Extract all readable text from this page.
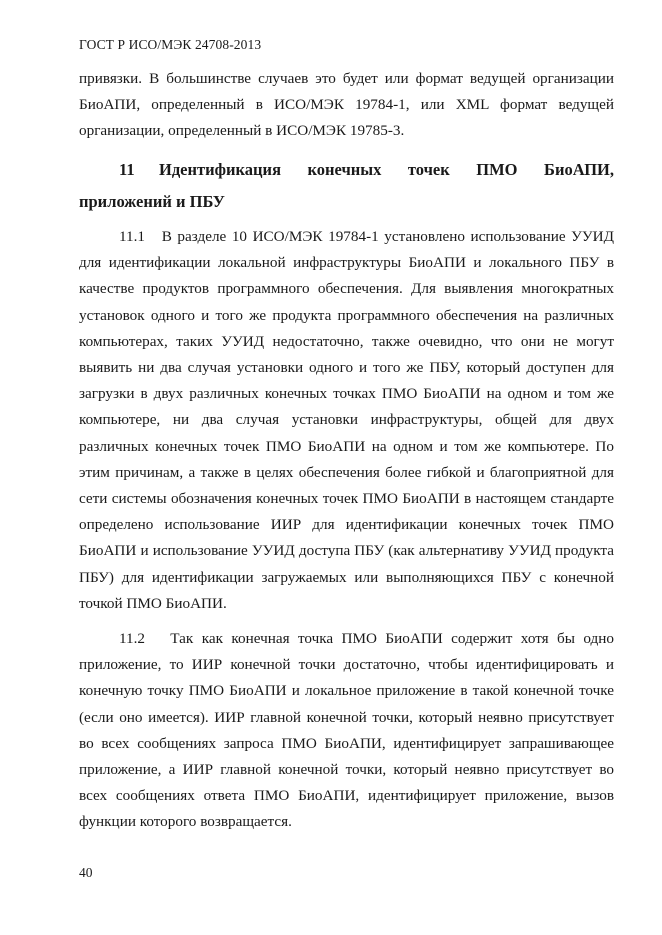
ГОСТ Р ИСО/МЭК 24708-2013

привязки. В большинстве случаев это будет или формат ведущей организации БиоАПИ, определенный в ИСО/МЭК 19784-1, или XML формат ведущей организации, определенный в ИСО/МЭК 19785-3.

11 Идентификация конечных точек ПМО БиоАПИ, приложений и ПБУ

11.1 В разделе 10 ИСО/МЭК 19784-1 установлено использование УУИД для идентификации локальной инфраструктуры БиоАПИ и локального ПБУ в качестве продуктов программного обеспечения. Для выявления многократных установок одного и того же продукта программного обеспечения на различных компьютерах, таких УУИД недостаточно, также очевидно, что они не могут выявить ни два случая установки одного и того же ПБУ, который доступен для загрузки в двух различных конечных точках ПМО БиоАПИ на одном и том же компьютере, ни два случая установки инфраструктуры, общей для двух различных конечных точек ПМО БиоАПИ на одном и том же компьютере. По этим причинам, а также в целях обеспечения более гибкой и благоприятной для сети системы обозначения конечных точек ПМО БиоАПИ в настоящем стандарте определено использование ИИР для идентификации конечных точек ПМО БиоАПИ и использование УУИД доступа ПБУ (как альтернативу УУИД продукта ПБУ) для идентификации загружаемых или выполняющихся ПБУ с конечной точкой ПМО БиоАПИ.

11.2 Так как конечная точка ПМО БиоАПИ содержит хотя бы одно приложение, то ИИР конечной точки достаточно, чтобы идентифицировать и конечную точку ПМО БиоАПИ и локальное приложение в такой конечной точке (если оно имеется). ИИР главной конечной точки, который неявно присутствует во всех сообщениях запроса ПМО БиоАПИ, идентифицирует запрашивающее приложение, а ИИР главной конечной точки, который неявно присутствует во всех сообщениях ответа ПМО БиоАПИ, идентифицирует приложение, вызов функции которого возвращается.

40
